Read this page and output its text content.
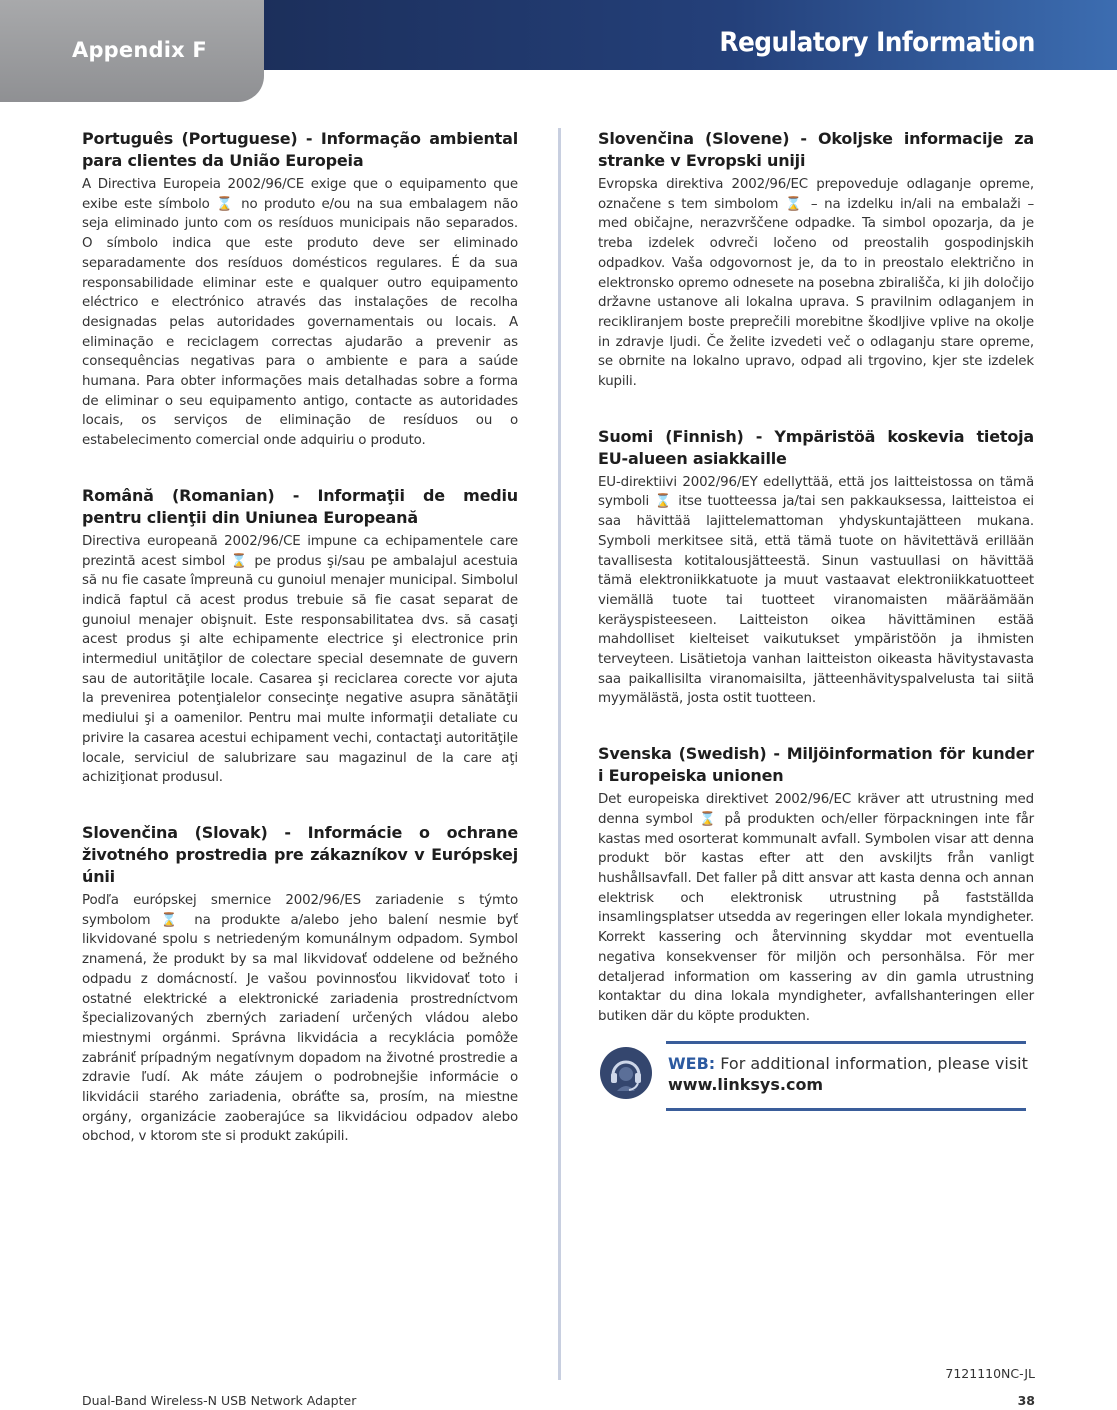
Appendix F	Regulatory Information
Português (Portuguese) - Informação ambiental para clientes da União Europeia

A Directiva Europeia 2002/96/CE exige que o equipamento que exibe este símbolo ⌛ no produto e/ou na sua embalagem não seja eliminado junto com os resíduos municipais não separados. O símbolo indica que este produto deve ser eliminado separadamente dos resíduos domésticos regulares. É da sua responsabilidade eliminar este e qualquer outro equipamento eléctrico e electrónico através das instalações de recolha designadas pelas autoridades governamentais ou locais. A eliminação e reciclagem correctas ajudarão a prevenir as consequências negativas para o ambiente e para a saúde humana. Para obter informações mais detalhadas sobre a forma de eliminar o seu equipamento antigo, contacte as autoridades locais, os serviços de eliminação de resíduos ou o estabelecimento comercial onde adquiriu o produto.

Română (Romanian) - Informaţii de mediu pentru clienţii din Uniunea Europeană

Directiva europeană 2002/96/CE impune ca echipamentele care prezintă acest simbol ⌛ pe produs şi/sau pe ambalajul acestuia să nu fie casate împreună cu gunoiul menajer municipal. Simbolul indică faptul că acest produs trebuie să fie casat separat de gunoiul menajer obişnuit. Este responsabilitatea dvs. să casaţi acest produs şi alte echipamente electrice şi electronice prin intermediul unităţilor de colectare special desemnate de guvern sau de autorităţile locale. Casarea şi reciclarea corecte vor ajuta la prevenirea potenţialelor consecinţe negative asupra sănătăţii mediului şi a oamenilor. Pentru mai multe informaţii detaliate cu privire la casarea acestui echipament vechi, contactaţi autorităţile locale, serviciul de salubrizare sau magazinul de la care aţi achiziţionat produsul.

Slovenčina (Slovak) - Informácie o ochrane životného prostredia pre zákazníkov v Európskej únii

Podľa európskej smernice 2002/96/ES zariadenie s týmto symbolom ⌛ na produkte a/alebo jeho balení nesmie byť likvidované spolu s netriedeným komunálnym odpadom. Symbol znamená, že produkt by sa mal likvidovať oddelene od bežného odpadu z domácností. Je vašou povinnosťou likvidovať toto i ostatné elektrické a elektronické zariadenia prostredníctvom špecializovaných zberných zariadení určených vládou alebo miestnymi orgánmi. Správna likvidácia a recyklácia pomôže zabrániť prípadným negatívnym dopadom na životné prostredie a zdravie ľudí. Ak máte záujem o podrobnejšie informácie o likvidácii starého zariadenia, obráťte sa, prosím, na miestne orgány, organizácie zaoberajúce sa likvidáciou odpadov alebo obchod, v ktorom ste si produkt zakúpili.

Slovenčina (Slovene) - Okoljske informacije za stranke v Evropski uniji

Evropska direktiva 2002/96/EC prepoveduje odlaganje opreme, označene s tem simbolom ⌛ – na izdelku in/ali na embalaži – med običajne, nerazvrščene odpadke. Ta simbol opozarja, da je treba izdelek odvreči ločeno od preostalih gospodinjskih odpadkov. Vaša odgovornost je, da to in preostalo električno in elektronsko opremo odnesete na posebna zbirališča, ki jih določijo državne ustanove ali lokalna uprava. S pravilnim odlaganjem in recikliranjem boste preprečili morebitne škodljive vplive na okolje in zdravje ljudi. Če želite izvedeti več o odlaganju stare opreme, se obrnite na lokalno upravo, odpad ali trgovino, kjer ste izdelek kupili.

Suomi (Finnish) - Ympäristöä koskevia tietoja EU-alueen asiakkaille

EU-direktiivi 2002/96/EY edellyttää, että jos laitteistossa on tämä symboli ⌛ itse tuotteessa ja/tai sen pakkauksessa, laitteistoa ei saa hävittää lajittelemattoman yhdyskuntajätteen mukana. Symboli merkitsee sitä, että tämä tuote on hävitettävä erillään tavallisesta kotitalousjätteestä. Sinun vastuullasi on hävittää tämä elektroniikkatuote ja muut vastaavat elektroniikkatuotteet viemällä tuote tai tuotteet viranomaisten määräämään keräyspisteeseen. Laitteiston oikea hävittäminen estää mahdolliset kielteiset vaikutukset ympäristöön ja ihmisten terveyteen. Lisätietoja vanhan laitteiston oikeasta hävitystavasta saa paikallisilta viranomaisilta, jätteenhävityspalvelusta tai siitä myymälästä, josta ostit tuotteen.

Svenska (Swedish) - Miljöinformation för kunder i Europeiska unionen

Det europeiska direktivet 2002/96/EC kräver att utrustning med denna symbol ⌛ på produkten och/eller förpackningen inte får kastas med osorterat kommunalt avfall. Symbolen visar att denna produkt bör kastas efter att den avskiljts från vanligt hushållsavfall. Det faller på ditt ansvar att kasta denna och annan elektrisk och elektronisk utrustning på fastställda insamlingsplatser utsedda av regeringen eller lokala myndigheter. Korrekt kassering och återvinning skyddar mot eventuella negativa konsekvenser för miljön och personhälsa. För mer detaljerad information om kassering av din gamla utrustning kontaktar du dina lokala myndigheter, avfallshanteringen eller butiken där du köpte produkten.

WEB: For additional information, please visit
www.linksys.com
7121110NC-JL
Dual-Band Wireless-N USB Network Adapter	38
